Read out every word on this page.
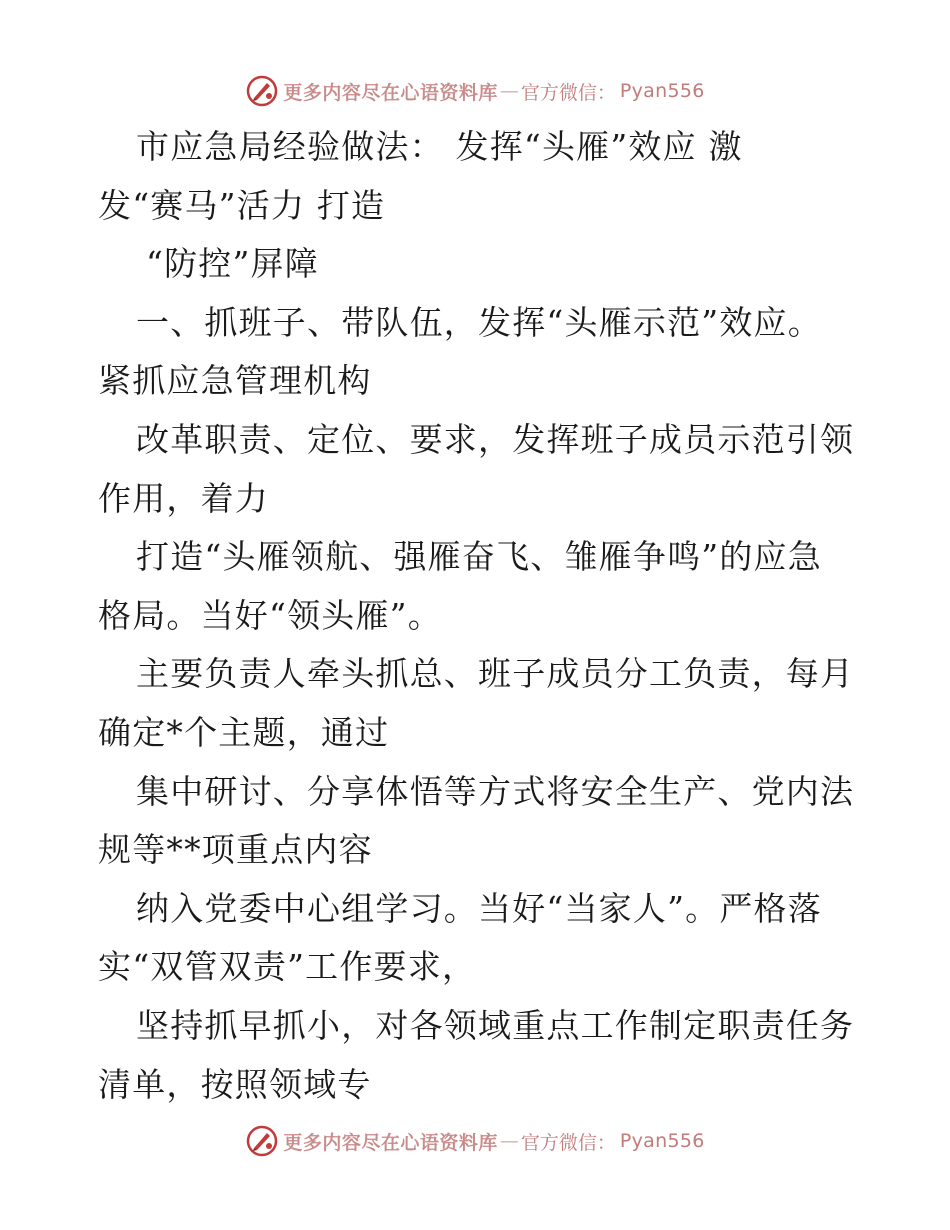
更多内容尽在心语资料库 — 官方微信： Pyan556
市应急局经验做法： 发挥“头雁”效应 激
发“赛马”活力 打造
“防控”屏障
一、抓班子、带队伍，发挥“头雁示范”效应。
紧抓应急管理机构
改革职责、定位、要求，发挥班子成员示范引领
作用，着力
打造“头雁领航、强雁奋飞、雏雁争鸣”的应急
格局。当好“领头雁”。
主要负责人牵头抓总、班子成员分工负责，每月
确定*个主题，通过
集中研讨、分享体悟等方式将安全生产、党内法
规等**项重点内容
纳入党委中心组学习。当好“当家人”。严格落
实“双管双责”工作要求，
坚持抓早抓小，对各领域重点工作制定职责任务
清单，按照领域专
更多内容尽在心语资料库 — 官方微信： Pyan556
